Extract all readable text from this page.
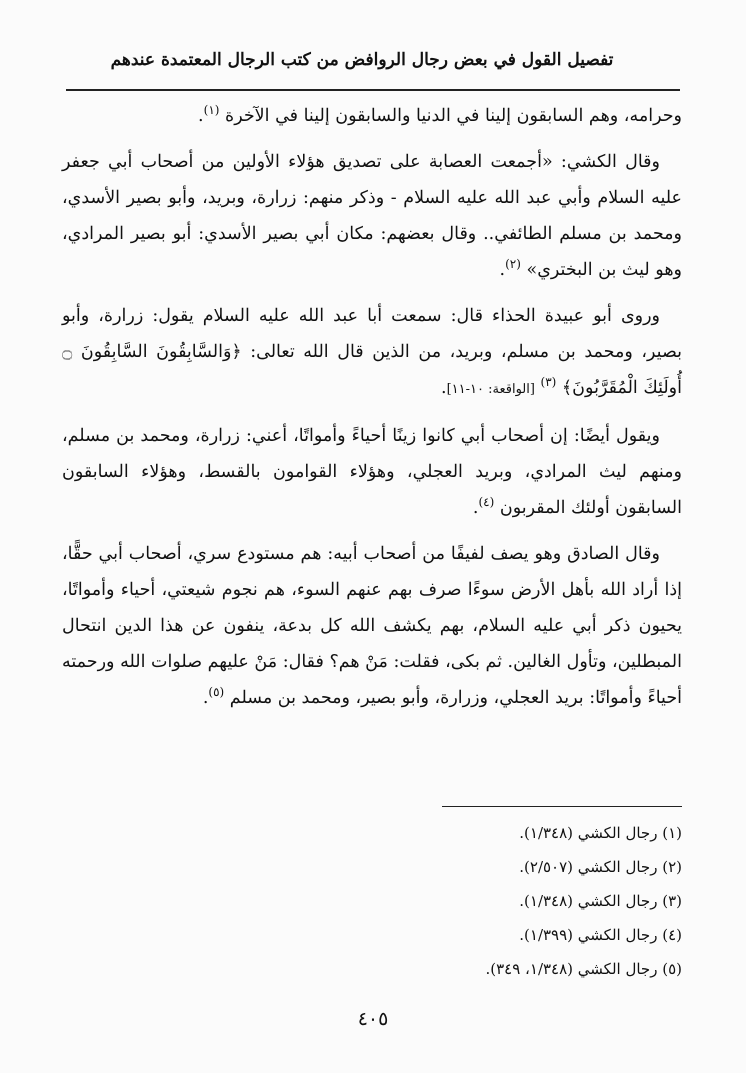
تفصيل القول في بعض رجال الروافض من كتب الرجال المعتمدة عندهم

وحرامه، وهم السابقون إلينا في الدنيا والسابقون إلينا في الآخرة $^{(١)}$.

وقال الكشي: «أجمعت العصابة على تصديق هؤلاء الأولين من أصحاب أبي جعفر عليه السلام وأبي عبد الله عليه السلام - وذكر منهم: زرارة، وبريد، وأبو بصير الأسدي، ومحمد بن مسلم الطائفي.. وقال بعضهم: مكان أبي بصير الأسدي: أبو بصير المرادي، وهو ليث بن البختري» $^{(٢)}$.

وروى أبو عبيدة الحذاء قال: سمعت أبا عبد الله عليه السلام يقول: زرارة، وأبو بصير، ومحمد بن مسلم، وبريد، من الذين قال الله تعالى: ﴿وَالسَّابِقُونَ السَّابِقُونَ ۝ أُولَئِكَ الْمُقَرَّبُونَ﴾ $^{(٣)}$ [الواقعة: ١٠-١١].

ويقول أيضًا: إن أصحاب أبي كانوا زينًا أحياءً وأمواتًا، أعني: زرارة، ومحمد بن مسلم، ومنهم ليث المرادي، وبريد العجلي، وهؤلاء القوامون بالقسط، وهؤلاء السابقون السابقون أولئك المقربون $^{(٤)}$.

وقال الصادق وهو يصف لفيفًا من أصحاب أبيه: هم مستودع سري، أصحاب أبي حقًّا، إذا أراد الله بأهل الأرض سوءًا صرف بهم عنهم السوء، هم نجوم شيعتي، أحياء وأمواتًا، يحيون ذكر أبي عليه السلام، بهم يكشف الله كل بدعة، ينفون عن هذا الدين انتحال المبطلين، وتأول الغالين. ثم بكى، فقلت: مَنْ هم؟ فقال: مَنْ عليهم صلوات الله ورحمته أحياءً وأمواتًا: بريد العجلي، وزرارة، وأبو بصير، ومحمد بن مسلم $^{(٥)}$.

(١) رجال الكشي (١/٣٤٨).
(٢) رجال الكشي (٢/٥٠٧).
(٣) رجال الكشي (١/٣٤٨).
(٤) رجال الكشي (١/٣٩٩).
(٥) رجال الكشي (١/٣٤٨، ٣٤٩).
٤٠٥
